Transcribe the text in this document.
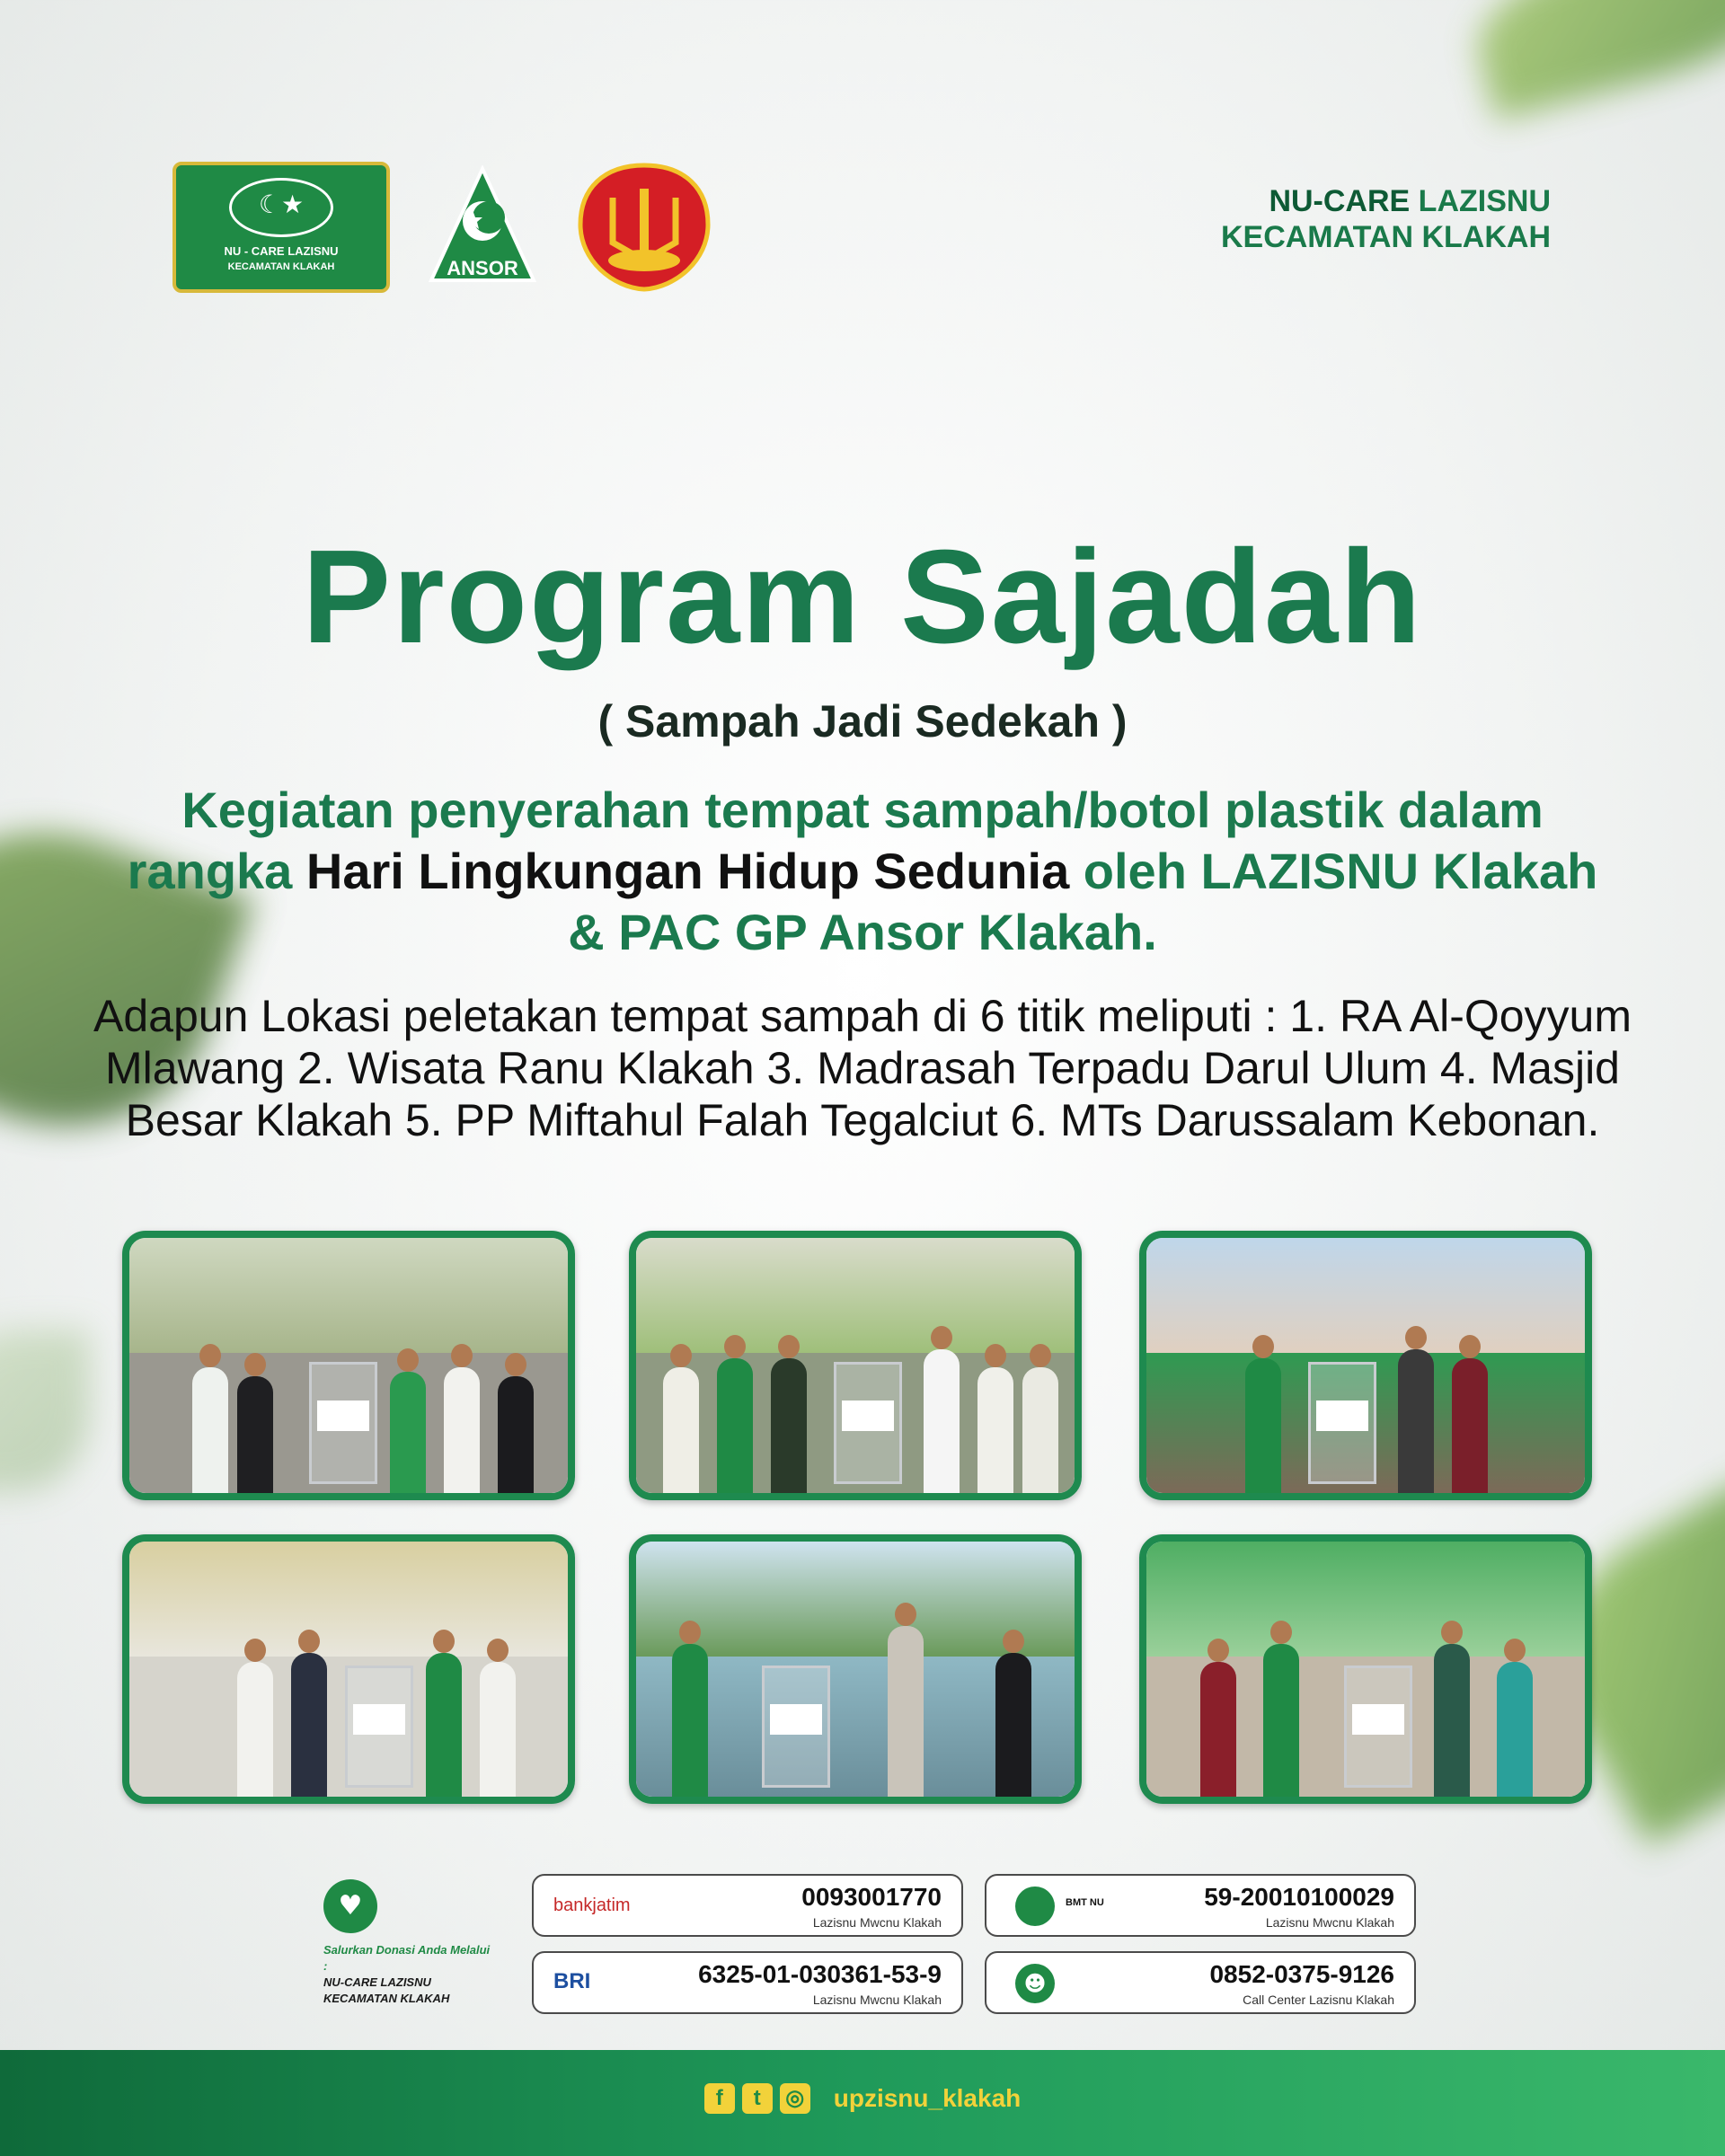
☾★
NU - CARE LAZISNU
KECAMATAN KLAKAH	ANSOR
NU-CARE LAZISNU
KECAMATAN KLAKAH
Program Sajadah
( Sampah Jadi Sedekah )
Kegiatan penyerahan tempat sampah/botol plastik dalam rangka Hari Lingkungan Hidup Sedunia oleh LAZISNU Klakah & PAC GP Ansor Klakah.
Adapun Lokasi peletakan tempat sampah di 6 titik meliputi : 1. RA Al-Qoyyum Mlawang 2. Wisata Ranu Klakah 3. Madrasah Terpadu Darul Ulum 4. Masjid Besar Klakah 5. PP Miftahul Falah Tegalciut 6. MTs Darussalam Kebonan.
♥
Salurkan Donasi Anda Melalui :
NU-CARE LAZISNU KECAMATAN KLAKAH
bankjatim	0093001770
Lazisnu Mwcnu Klakah
BMT NU	59-20010100029
Lazisnu Mwcnu Klakah
BRI	6325-01-030361-53-9
Lazisnu Mwcnu Klakah
☻	0852-0375-9126
Call Center Lazisnu Klakah
f t ◎ upzisnu_klakah
